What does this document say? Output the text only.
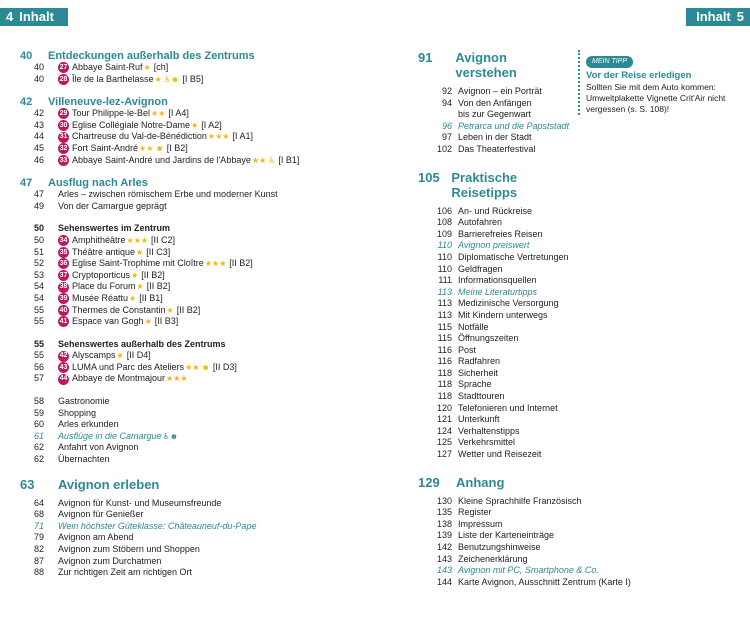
4 Inhalt	Inhalt 5
40	Entdeckungen außerhalb des Zentrums
40	27 Abbaye Saint-Ruf ★ [ch]
40	28 Île de la Barthelasse ★ ♿☻ [I B5]
42	Villeneuve-lez-Avignon
42	29 Tour Philippe-le-Bel ★★ [I A4]
43	30 Eglise Collégiale Notre-Dame ★ [I A2]
44	31 Chartreuse du Val-de-Bénédiction ★★★ [I A1]
45	32 Fort Saint-André ★★ ☻ [I B2]
46	33 Abbaye Saint-André und Jardins de l'Abbaye ★★ ♿ [I B1]
47	Ausflug nach Arles
47	Arles – zwischen römischem Erbe und moderner Kunst
49	Von der Camargue geprägt
50	Sehenswertes im Zentrum
50	34 Amphithéâtre ★★★ [II C2]
51	35 Théâtre antique ★ [II C3]
52	36 Eglise Saint-Trophime mit Cloître ★★★ [II B2]
53	37 Cryptoporticus ★ [II B2]
54	38 Place du Forum ★ [II B2]
54	39 Musée Réattu ★ [II B1]
55	40 Thermes de Constantin ★ [II B2]
55	41 Espace van Gogh ★ [II B3]
55	Sehenswertes außerhalb des Zentrums
55	42 Alyscamps ★ [II D4]
56	43 LUMA und Parc des Ateliers ★★ ☻ [II D3]
57	44 Abbaye de Montmajour ★★★
58	Gastronomie
59	Shopping
60	Arles erkunden
61	Ausflüge in die Camargue ♿☻
62	Anfahrt von Avignon
62	Übernachten
63	Avignon erleben
64	Avignon für Kunst- und Museumsfreunde
68	Avignon für Genießer
71	Wein höchster Güteklasse: Châteauneuf-du-Pape
79	Avignon am Abend
82	Avignon zum Stöbern und Shoppen
87	Avignon zum Durchatmen
88	Zur richtigen Zeit am richtigen Ort
91	Avignon verstehen
92 Avignon – ein Porträt
94 Von den Anfängen
bis zur Gegenwart
96 Petrarca und die Papststadt
97 Leben in der Stadt
102 Das Theaterfestival
105 Praktische Reisetipps
106 An- und Rückreise
108 Autofahren
109 Barrierefreies Reisen
110 Avignon preiswert
110 Diplomatische Vertretungen
110 Geldfragen
111 Informationsquellen
113 Meine Literaturtipps
113 Medizinische Versorgung
113 Mit Kindern unterwegs
115 Notfälle
115 Öffnungszeiten
116 Post
116 Radfahren
118 Sicherheit
118 Sprache
118 Stadttouren
120 Telefonieren und Internet
121 Unterkunft
124 Verhaltenstipps
125 Verkehrsmittel
127 Wetter und Reisezeit
129	Anhang
130 Kleine Sprachhilfe Französisch
135 Register
138 Impressum
139 Liste der Karteneinträge
142 Benutzungshinweise
143 Zeichenerklärung
143 Avignon mit PC, Smartphone & Co.
144 Karte Avignon, Ausschnitt Zentrum (Karte I)
MEIN TIPP
Vor der Reise erledigen
Sollten Sie mit dem Auto kommen: Umweltplakette Vignette Crit'Air nicht vergessen (s. S. 108)!
